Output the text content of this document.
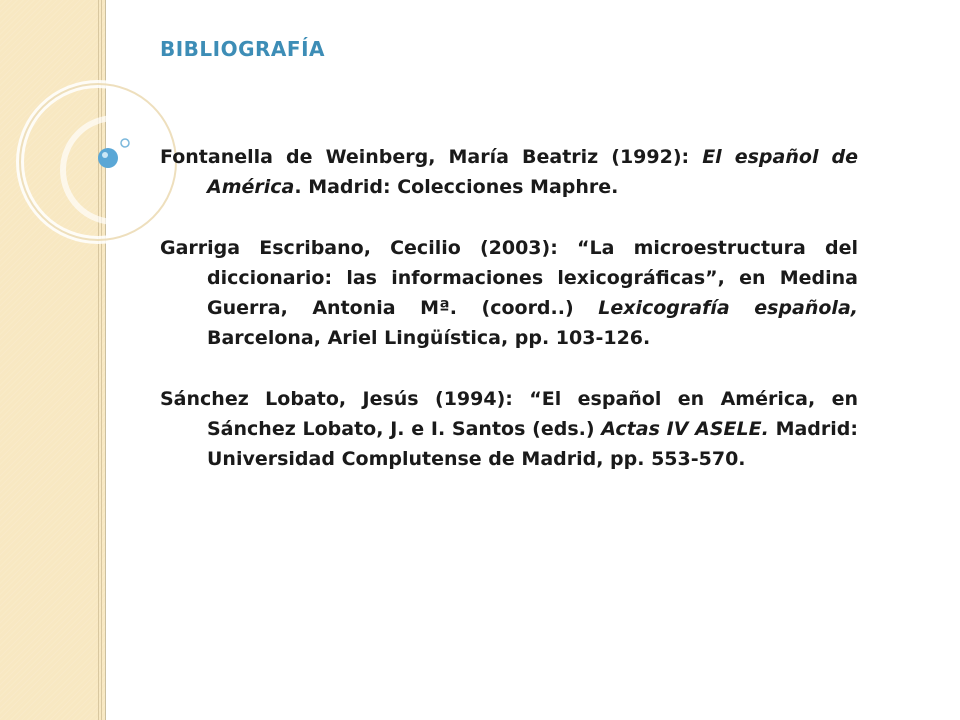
BIBLIOGRAFÍA

Fontanella de Weinberg, María Beatriz (1992): El español de América. Madrid: Colecciones Maphre.

Garriga Escribano, Cecilio (2003): “La microestructura del diccionario: las informaciones lexicográficas”, en Medina Guerra, Antonia Mª. (coord..) Lexicografía española, Barcelona, Ariel Lingüística, pp. 103-126.

Sánchez Lobato, Jesús (1994): “El español en América, en Sánchez Lobato, J. e I. Santos (eds.) Actas IV ASELE. Madrid: Universidad Complutense de Madrid, pp. 553-570.
